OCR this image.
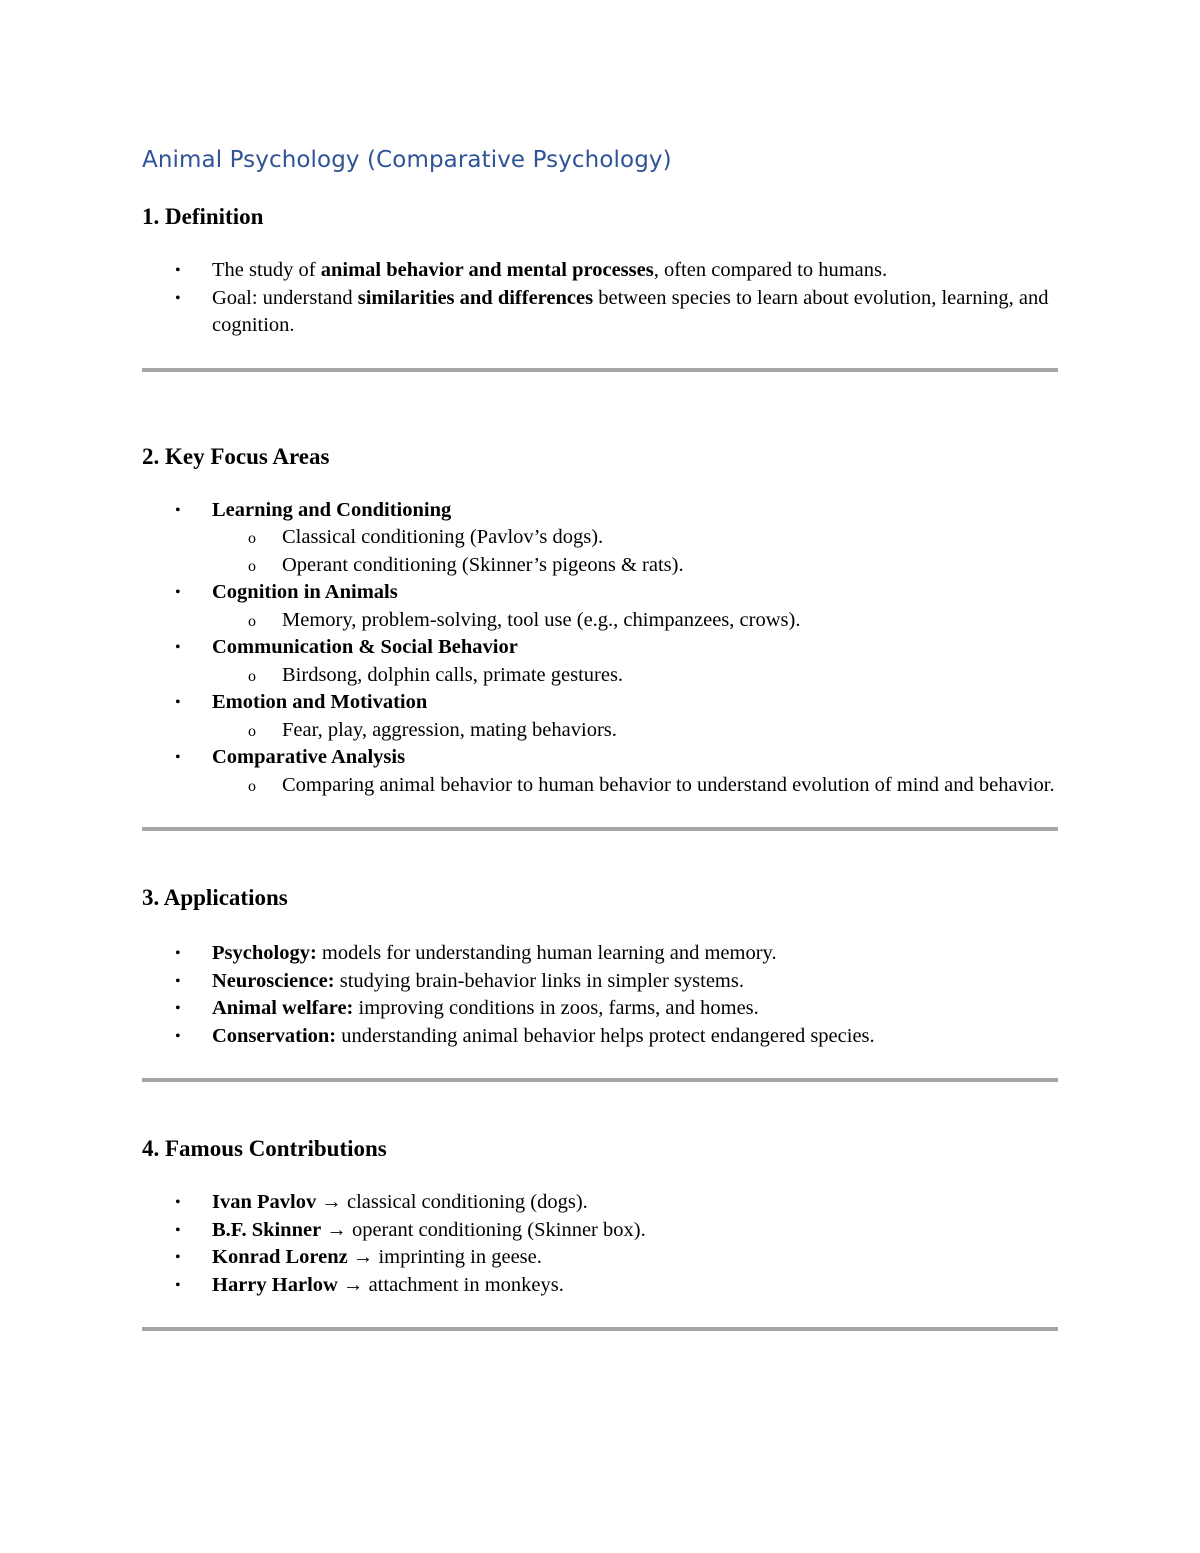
Animal Psychology (Comparative Psychology)
1. Definition
• The study of animal behavior and mental processes, often compared to humans.
• Goal: understand similarities and differences between species to learn about evolution, learning, and cognition.
2. Key Focus Areas
• Learning and Conditioning
o Classical conditioning (Pavlov’s dogs).
o Operant conditioning (Skinner’s pigeons & rats).
• Cognition in Animals
o Memory, problem-solving, tool use (e.g., chimpanzees, crows).
• Communication & Social Behavior
o Birdsong, dolphin calls, primate gestures.
• Emotion and Motivation
o Fear, play, aggression, mating behaviors.
• Comparative Analysis
o Comparing animal behavior to human behavior to understand evolution of mind and behavior.
3. Applications
• Psychology: models for understanding human learning and memory.
• Neuroscience: studying brain-behavior links in simpler systems.
• Animal welfare: improving conditions in zoos, farms, and homes.
• Conservation: understanding animal behavior helps protect endangered species.
4. Famous Contributions
• Ivan Pavlov → classical conditioning (dogs).
• B.F. Skinner → operant conditioning (Skinner box).
• Konrad Lorenz → imprinting in geese.
• Harry Harlow → attachment in monkeys.
